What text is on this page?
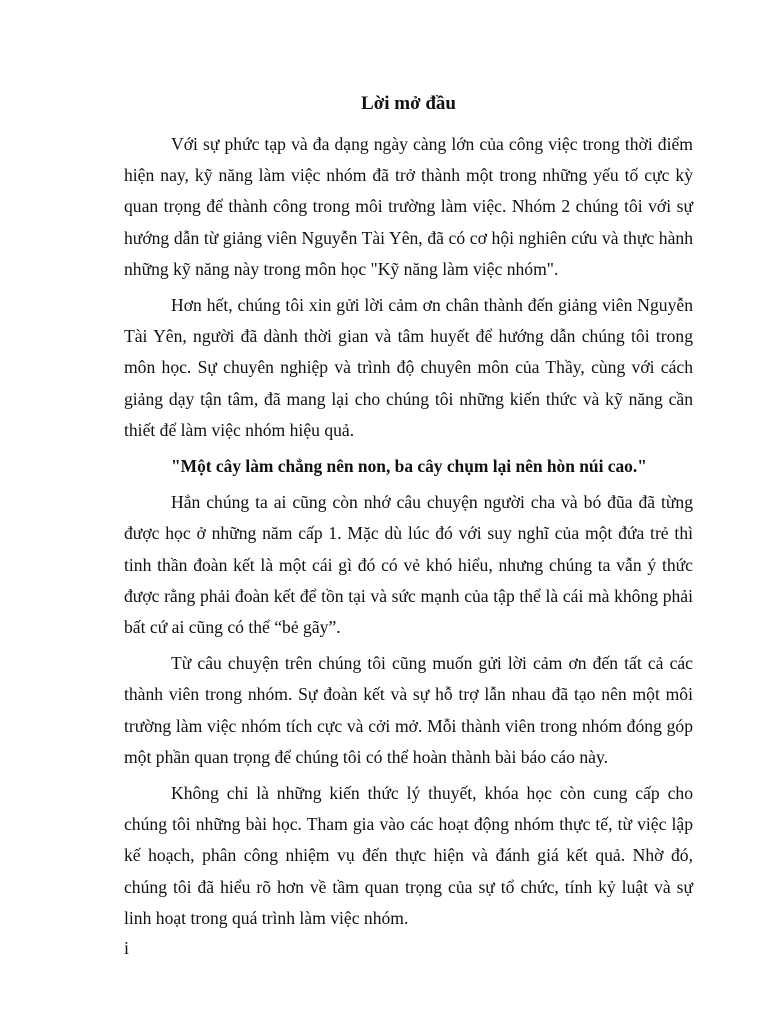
Lời mở đầu

Với sự phức tạp và đa dạng ngày càng lớn của công việc trong thời điểm hiện nay, kỹ năng làm việc nhóm đã trở thành một trong những yếu tố cực kỳ quan trọng để thành công trong môi trường làm việc. Nhóm 2 chúng tôi với sự hướng dẫn từ giảng viên Nguyễn Tài Yên, đã có cơ hội nghiên cứu và thực hành những kỹ năng này trong môn học "Kỹ năng làm việc nhóm".

Hơn hết, chúng tôi xin gửi lời cảm ơn chân thành đến giảng viên Nguyễn Tài Yên, người đã dành thời gian và tâm huyết để hướng dẫn chúng tôi trong môn học. Sự chuyên nghiệp và trình độ chuyên môn của Thầy, cùng với cách giảng dạy tận tâm, đã mang lại cho chúng tôi những kiến thức và kỹ năng cần thiết để làm việc nhóm hiệu quả.

"Một cây làm chẳng nên non, ba cây chụm lại nên hòn núi cao."

Hẳn chúng ta ai cũng còn nhớ câu chuyện người cha và bó đũa đã từng được học ở những năm cấp 1. Mặc dù lúc đó với suy nghĩ của một đứa trẻ thì tinh thần đoàn kết là một cái gì đó có vẻ khó hiểu, nhưng chúng ta vẫn ý thức được rằng phải đoàn kết để tồn tại và sức mạnh của tập thể là cái mà không phải bất cứ ai cũng có thể “bẻ gãy”.

Từ câu chuyện trên chúng tôi cũng muốn gửi lời cảm ơn đến tất cả các thành viên trong nhóm. Sự đoàn kết và sự hỗ trợ lẫn nhau đã tạo nên một môi trường làm việc nhóm tích cực và cởi mở. Mỗi thành viên trong nhóm đóng góp một phần quan trọng để chúng tôi có thể hoàn thành bài báo cáo này.

Không chỉ là những kiến thức lý thuyết, khóa học còn cung cấp cho chúng tôi những bài học. Tham gia vào các hoạt động nhóm thực tế, từ việc lập kế hoạch, phân công nhiệm vụ đến thực hiện và đánh giá kết quả. Nhờ đó, chúng tôi đã hiểu rõ hơn về tầm quan trọng của sự tổ chức, tính kỷ luật và sự linh hoạt trong quá trình làm việc nhóm.

i
